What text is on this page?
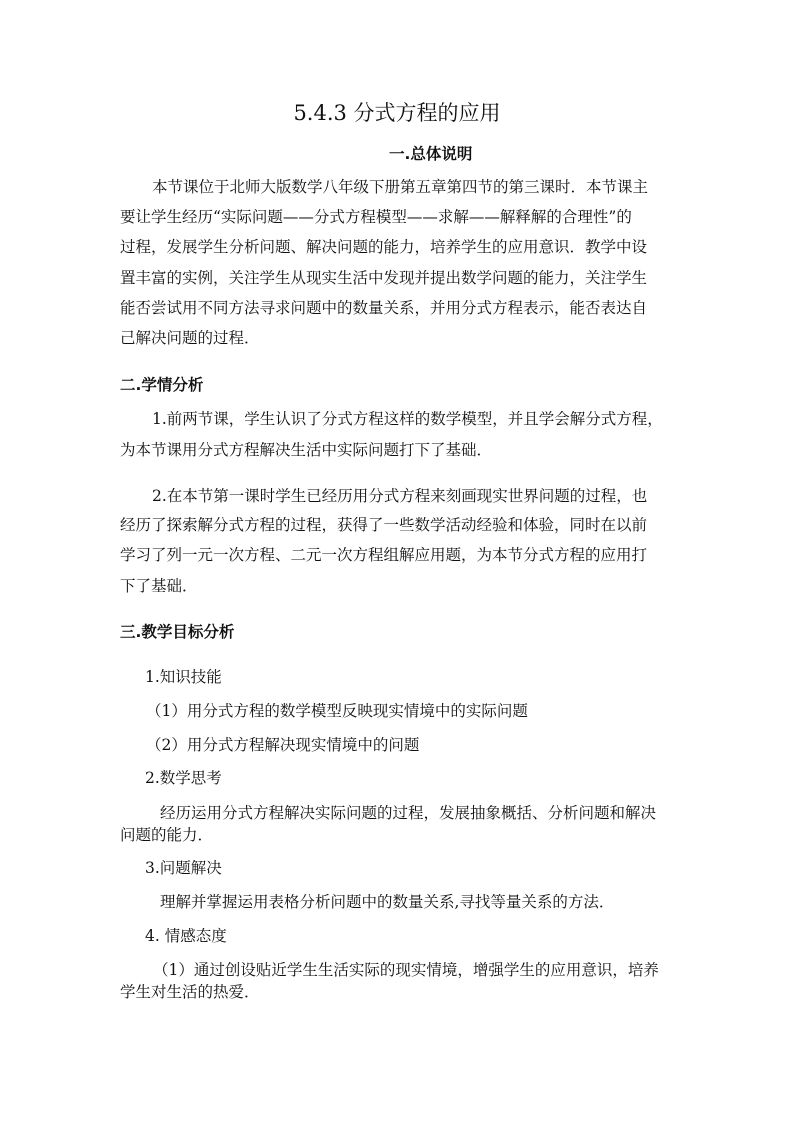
5.4.3 分式方程的应用
一.总体说明
本节课位于北师大版数学八年级下册第五章第四节的第三课时．本节课主
要让学生经历“实际问题——分式方程模型——求解——解释解的合理性”的
过程，发展学生分析问题、解决问题的能力，培养学生的应用意识．教学中设
置丰富的实例，关注学生从现实生活中发现并提出数学问题的能力，关注学生
能否尝试用不同方法寻求问题中的数量关系，并用分式方程表示，能否表达自
己解决问题的过程．
二.学情分析
1.前两节课，学生认识了分式方程这样的数学模型，并且学会解分式方程，
为本节课用分式方程解决生活中实际问题打下了基础．
2.在本节第一课时学生已经历用分式方程来刻画现实世界问题的过程，也
经历了探索解分式方程的过程，获得了一些数学活动经验和体验，同时在以前
学习了列一元一次方程、二元一次方程组解应用题，为本节分式方程的应用打
下了基础．
三.教学目标分析
1.知识技能
（1）用分式方程的数学模型反映现实情境中的实际问题
（2）用分式方程解决现实情境中的问题
2.数学思考
经历运用分式方程解决实际问题的过程，发展抽象概括、分析问题和解决
问题的能力．
3.问题解决
理解并掌握运用表格分析问题中的数量关系,寻找等量关系的方法．
4. 情感态度
（1）通过创设贴近学生生活实际的现实情境，增强学生的应用意识，培养
学生对生活的热爱．
